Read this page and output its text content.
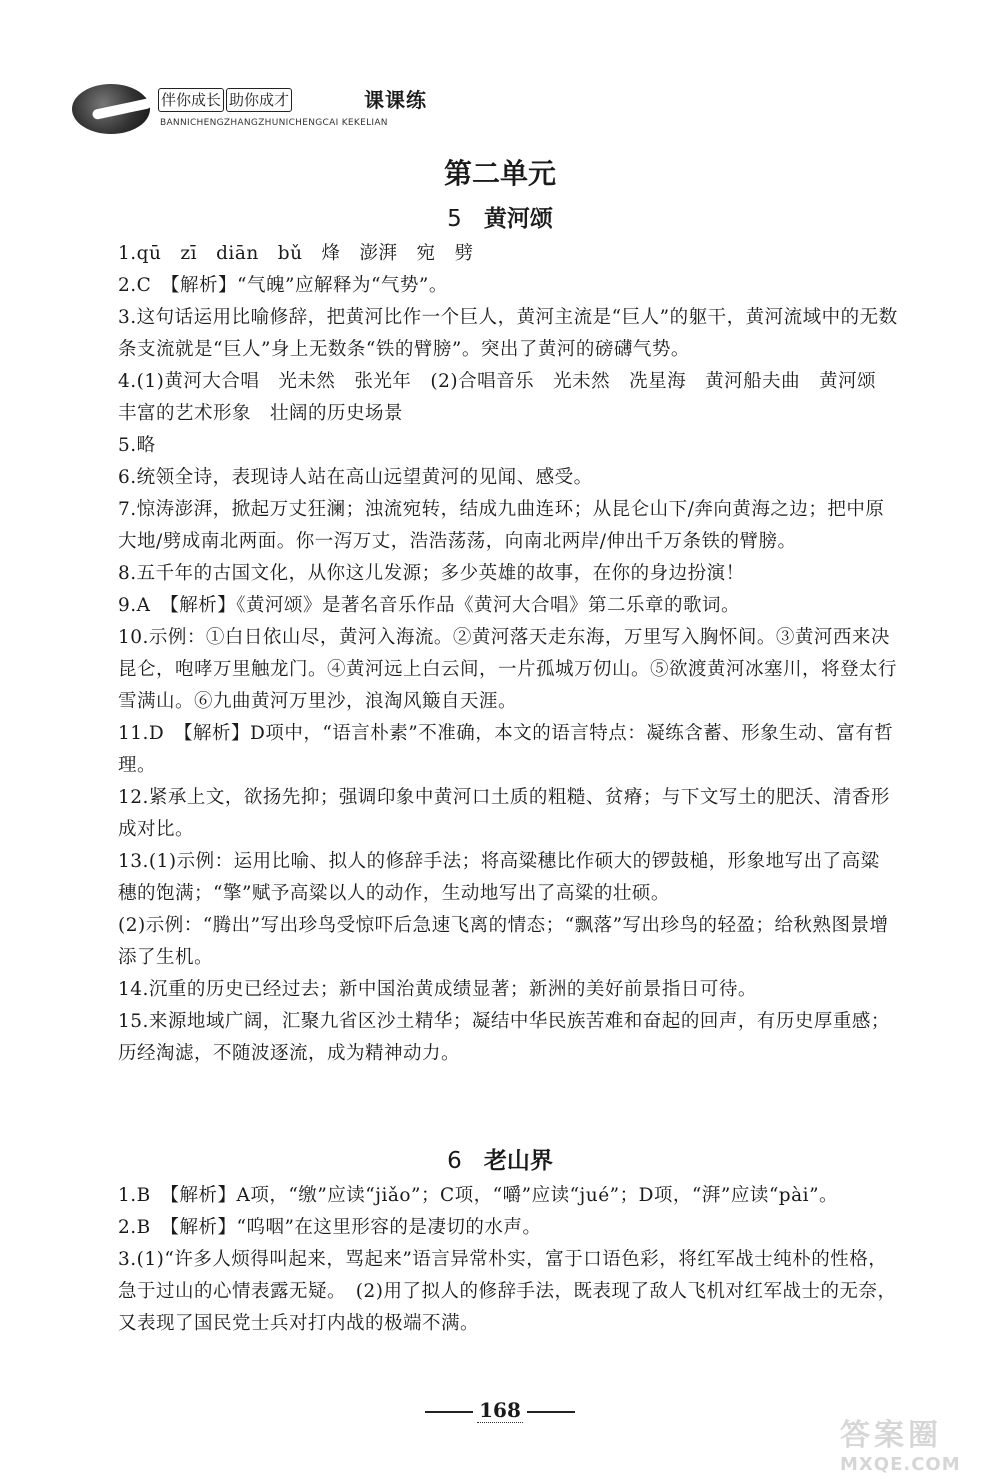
伴你成长 助你成才	课课练
BANNICHENGZHANGZHUNICHENGCAI KEKELIAN
第二单元
5 黄河颂

1.qū　zī　diān　bǔ　烽　澎湃　宛　劈

2.C　【解析】“气魄”应解释为“气势”。

3.这句话运用比喻修辞，把黄河比作一个巨人，黄河主流是“巨人”的躯干，黄河流域中的无数条支流就是“巨人”身上无数条“铁的臂膀”。突出了黄河的磅礴气势。

4.(1)黄河大合唱　光未然　张光年　(2)合唱音乐　光未然　冼星海　黄河船夫曲　黄河颂　丰富的艺术形象　壮阔的历史场景

5.略

6.统领全诗，表现诗人站在高山远望黄河的见闻、感受。

7.惊涛澎湃，掀起万丈狂澜；浊流宛转，结成九曲连环；从昆仑山下/奔向黄海之边；把中原大地/劈成南北两面。你一泻万丈，浩浩荡荡，向南北两岸/伸出千万条铁的臂膀。

8.五千年的古国文化，从你这儿发源；多少英雄的故事，在你的身边扮演！

9.A　【解析】《黄河颂》是著名音乐作品《黄河大合唱》第二乐章的歌词。

10.示例：①白日依山尽，黄河入海流。②黄河落天走东海，万里写入胸怀间。③黄河西来决昆仑，咆哮万里触龙门。④黄河远上白云间，一片孤城万仞山。⑤欲渡黄河冰塞川，将登太行雪满山。⑥九曲黄河万里沙，浪淘风簸自天涯。

11.D　【解析】D项中，“语言朴素”不准确，本文的语言特点：凝练含蓄、形象生动、富有哲理。

12.紧承上文，欲扬先抑；强调印象中黄河口土质的粗糙、贫瘠；与下文写土的肥沃、清香形成对比。

13.(1)示例：运用比喻、拟人的修辞手法；将高粱穗比作硕大的锣鼓槌，形象地写出了高粱穗的饱满；“擎”赋予高粱以人的动作，生动地写出了高粱的壮硕。

(2)示例：“腾出”写出珍鸟受惊吓后急速飞离的情态；“飘落”写出珍鸟的轻盈；给秋熟图景增添了生机。

14.沉重的历史已经过去；新中国治黄成绩显著；新洲的美好前景指日可待。

15.来源地域广阔，汇聚九省区沙土精华；凝结中华民族苦难和奋起的回声，有历史厚重感；历经淘滤，不随波逐流，成为精神动力。

6 老山界

1.B　【解析】A项，“缴”应读“jiǎo”；C项，“嚼”应读“jué”；D项，“湃”应读“pài”。

2.B　【解析】“呜咽”在这里形容的是凄切的水声。

3.(1)“许多人烦得叫起来，骂起来”语言异常朴实，富于口语色彩，将红军战士纯朴的性格，急于过山的心情表露无疑。　(2)用了拟人的修辞手法，既表现了敌人飞机对红军战士的无奈，又表现了国民党士兵对打内战的极端不满。

168
答案圈
MXQE.COM
